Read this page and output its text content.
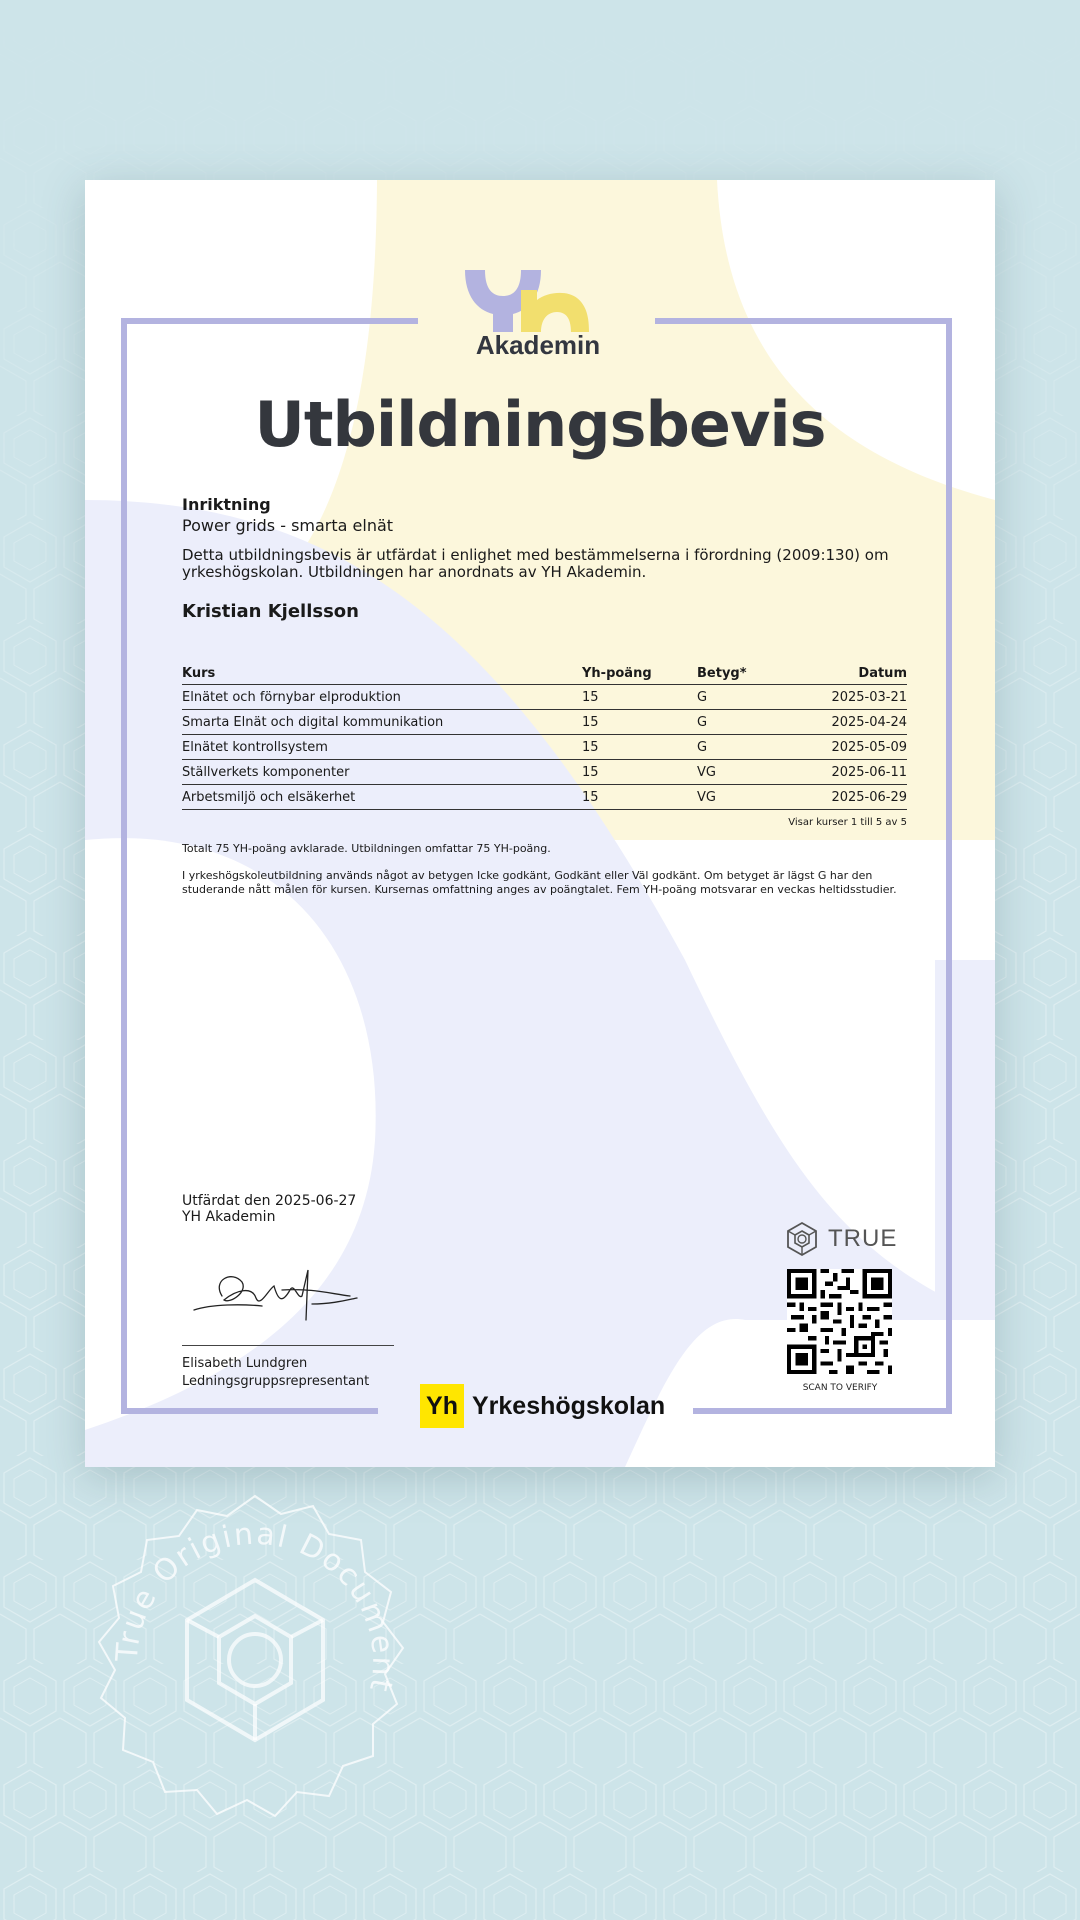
Akademin
Utbildningsbevis

Inriktning

Power grids - smarta elnät

Detta utbildningsbevis är utfärdat i enlighet med bestämmelserna i förordning (2009:130) om yrkeshögskolan. Utbildningen har anordnats av YH Akademin.

Kristian Kjellsson

Kurs	Yh-poäng	Betyg*	Datum
Elnätet och förnybar elproduktion	15	G	2025-03-21
Smarta Elnät och digital kommunikation	15	G	2025-04-24
Elnätet kontrollsystem	15	G	2025-05-09
Ställverkets komponenter	15	VG	2025-06-11
Arbetsmiljö och elsäkerhet	15	VG	2025-06-29
Visar kurser 1 till 5 av 5
Totalt 75 YH-poäng avklarade. Utbildningen omfattar 75 YH-poäng.
I yrkeshögskoleutbildning används något av betygen Icke godkänt, Godkänt eller Väl godkänt. Om betyget är lägst G har den studerande nått målen för kursen. Kursernas omfattning anges av poängtalet. Fem YH-poäng motsvarar en veckas heltidsstudier.
Utfärdat den 2025-06-27
YH Akademin
Elisabeth Lundgren
Ledningsgruppsrepresentant
Yh Yrkeshögskolan
TRUE
SCAN TO VERIFY
True Original Document
